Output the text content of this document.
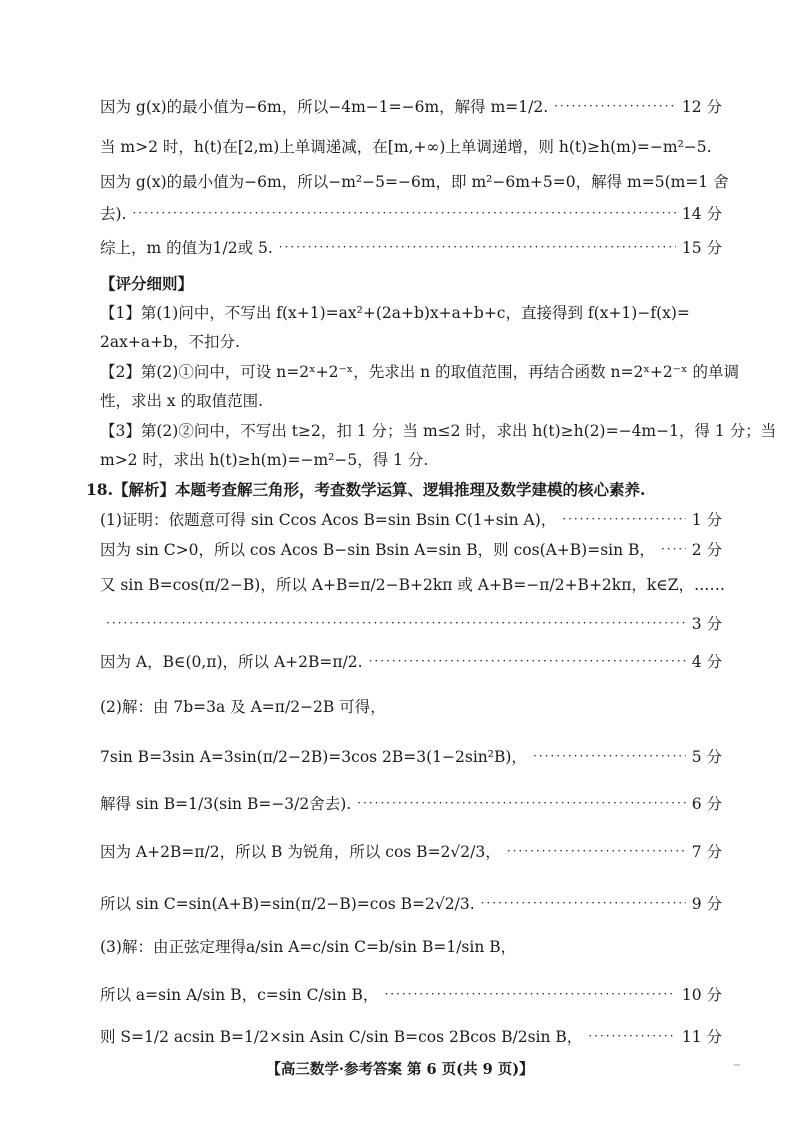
因为 g(x)的最小值为−6m，所以−4m−1=−6m，解得 m=1/2. ·····	12 分
当 m>2 时，h(t)在[2,m)上单调递减，在[m,+∞)上单调递增，则 h(t)≥h(m)=−m²−5.
因为 g(x)的最小值为−6m，所以−m²−5=−6m，即 m²−6m+5=0，解得 m=5(m=1 舍
去). ·····	14 分
综上，m 的值为1/2或 5. ·····	15 分
【评分细则】
【1】第(1)问中，不写出 f(x+1)=ax²+(2a+b)x+a+b+c，直接得到 f(x+1)−f(x)=
2ax+a+b，不扣分.
【2】第(2)①问中，可设 n=2ˣ+2⁻ˣ，先求出 n 的取值范围，再结合函数 n=2ˣ+2⁻ˣ 的单调
性，求出 x 的取值范围.
【3】第(2)②问中，不写出 t≥2，扣 1 分；当 m≤2 时，求出 h(t)≥h(2)=−4m−1，得 1 分；当
m>2 时，求出 h(t)≥h(m)=−m²−5，得 1 分.
18.【解析】本题考查解三角形，考查数学运算、逻辑推理及数学建模的核心素养.
(1)证明：依题意可得 sin Ccos Acos B=sin Bsin C(1+sin A)， ·····	1 分
因为 sin C>0，所以 cos Acos B−sin Bsin A=sin B，则 cos(A+B)=sin B， ····· 2 分
又 sin B=cos(π/2−B)，所以 A+B=π/2−B+2kπ 或 A+B=−π/2+B+2kπ，k∈Z，……
·····
3 分
因为 A，B∈(0,π)，所以 A+2B=π/2. ·····	4 分
(2)解：由 7b=3a 及 A=π/2−2B 可得，
7sin B=3sin A=3sin(π/2−2B)=3cos 2B=3(1−2sin²B)， ·····	5 分
解得 sin B=1/3(sin B=−3/2舍去). ·····	6 分
因为 A+2B=π/2，所以 B 为锐角，所以 cos B=2√2/3， ·····	7 分
所以 sin C=sin(A+B)=sin(π/2−B)=cos B=2√2/3. ·····	9 分
(3)解：由正弦定理得a/sin A=c/sin C=b/sin B=1/sin B，
所以 a=sin A/sin B，c=sin C/sin B， ·····	10 分
则 S=1/2 acsin B=1/2×sin Asin C/sin B=cos 2Bcos B/2sin B， ·····	11 分
【高三数学·参考答案 第 6 页(共 9 页)】
